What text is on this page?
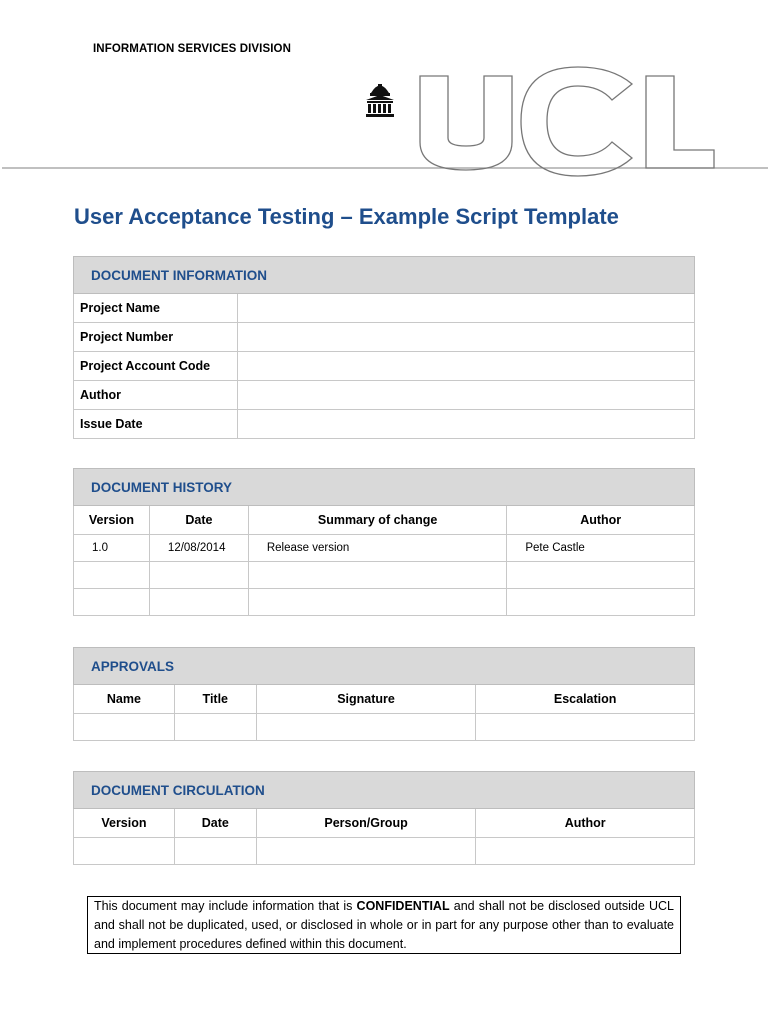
INFORMATION SERVICES DIVISION
User Acceptance Testing – Example Script Template
DOCUMENT INFORMATION	
Project Name	
Project Number	
Project Account Code	
Author	
Issue Date	
DOCUMENT HISTORY			
Version	Date	Summary of change	Author
1.0	12/08/2014	Release version	Pete Castle

APPROVALS			
Name	Title	Signature	Escalation

DOCUMENT CIRCULATION			
Version	Date	Person/Group	Author

This document may include information that is CONFIDENTIAL and shall not be disclosed outside UCL and shall not be duplicated, used, or disclosed in whole or in part for any purpose other than to evaluate and implement procedures defined within this document.
